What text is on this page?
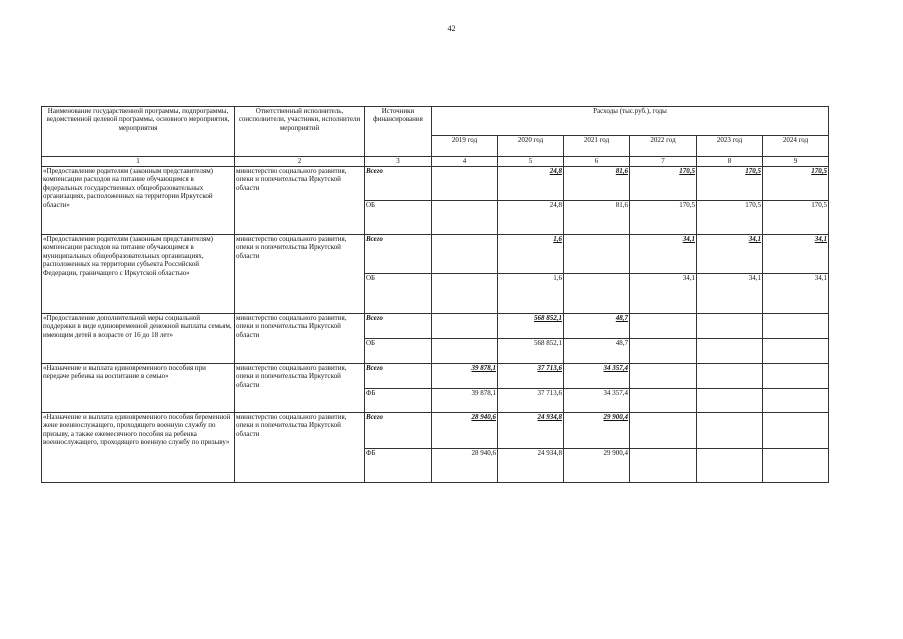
42
Наименование государственной программы, подпрограммы, ведомственной целевой программы, основного мероприятия, мероприятия	Ответственный исполнитель, соисполнители, участники, исполнители мероприятий	Источники финансирования	Расходы (тыс.руб.), годы					
			2019 год	2020 год	2021 год	2022 год	2023 год	2024 год
1	2	3	4	5	6	7	8	9
«Предоставление родителям (законным представителям) компенсации расходов на питание обучающимся в федеральных государственных общеобразовательных организациях, расположенных на территории Иркутской области»	министерство социального развития, опеки и попечительства Иркутской области	Всего		24,8	81,6	170,5	170,5	170,5
		ОБ		24,8	81,6	170,5	170,5	170,5
«Предоставление родителям (законным представителям) компенсации расходов на питание обучающимся в муниципальных общеобразовательных организациях, расположенных на территории субъекта Российской Федерации, граничащего с Иркутской областью»	министерство социального развития, опеки и попечительства Иркутской области	Всего		1,6		34,1	34,1	34,1
		ОБ		1,6		34,1	34,1	34,1
«Предоставление дополнительной меры социальной поддержки в виде единовременной денежной выплаты семьям, имеющим детей в возрасте от 16 до 18 лет»	министерство социального развития, опеки и попечительства Иркутской области	Всего		568 852,1	48,7			
		ОБ		568 852,1	48,7			
«Назначение и выплата единовременного пособия при передаче ребенка на воспитание в семью»	министерство социального развития, опеки и попечительства Иркутской области	Всего	39 878,1	37 713,6	34 357,4			
		ФБ	39 878,1	37 713,6	34 357,4			
«Назначение и выплата единовременного пособия беременной жене военнослужащего, проходящего военную службу по призыву, а также ежемесячного пособия на ребенка военнослужащего, проходящего военную службу по призыву»	министерство социального развития, опеки и попечительства Иркутской области	Всего	28 940,6	24 934,8	29 900,4			
		ФБ	28 940,6	24 934,8	29 900,4			
